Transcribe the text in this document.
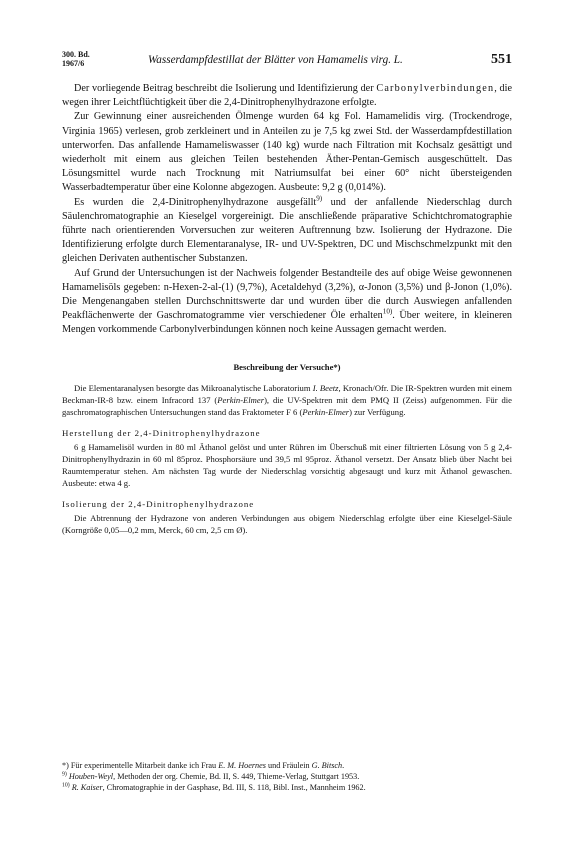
300. Bd.
1967/6	Wasserdampfdestillat der Blätter von Hamamelis virg. L.	551

Der vorliegende Beitrag beschreibt die Isolierung und Identifizierung der Carbonylverbindungen, die wegen ihrer Leichtflüchtigkeit über die 2,4-Dinitrophenylhydrazone erfolgte.

Zur Gewinnung einer ausreichenden Ölmenge wurden 64 kg Fol. Hamamelidis virg. (Trockendroge, Virginia 1965) verlesen, grob zerkleinert und in Anteilen zu je 7,5 kg zwei Std. der Wasserdampfdestillation unterworfen. Das anfallende Hamameliswasser (140 kg) wurde nach Filtration mit Kochsalz gesättigt und wiederholt mit einem aus gleichen Teilen bestehenden Äther-Pentan-Gemisch ausgeschüttelt. Das Lösungsmittel wurde nach Trocknung mit Natriumsulfat bei einer 60° nicht übersteigenden Wasserbadtemperatur über eine Kolonne abgezogen. Ausbeute: 9,2 g (0,014%).

Es wurden die 2,4-Dinitrophenylhydrazone ausgefällt$^{9)}$ und der anfallende Niederschlag durch Säulenchromatographie an Kieselgel vorgereinigt. Die anschließende präparative Schichtchromatographie führte nach orientierenden Vorversuchen zur weiteren Auftrennung bzw. Isolierung der Hydrazone. Die Identifizierung erfolgte durch Elementaranalyse, IR- und UV-Spektren, DC und Mischschmelzpunkt mit den gleichen Derivaten authentischer Substanzen.

Auf Grund der Untersuchungen ist der Nachweis folgender Bestandteile des auf obige Weise gewonnenen Hamamelisöls gegeben: n-Hexen-2-al-(1) (9,7%), Acetaldehyd (3,2%), α-Jonon (3,5%) und β-Jonon (1,0%). Die Mengenangaben stellen Durchschnittswerte dar und wurden über die durch Auswiegen anfallenden Peakflächenwerte der Gaschromatogramme vier verschiedener Öle erhalten$^{10)}$. Über weitere, in kleineren Mengen vorkommende Carbonylverbindungen können noch keine Aussagen gemacht werden.

Beschreibung der Versuche*)

Die Elementaranalysen besorgte das Mikroanalytische Laboratorium I. Beetz, Kronach/Ofr. Die IR-Spektren wurden mit einem Beckman-IR-8 bzw. einem Infracord 137 (Perkin-Elmer), die UV-Spektren mit dem PMQ II (Zeiss) aufgenommen. Für die gaschromatographischen Untersuchungen stand das Fraktometer F 6 (Perkin-Elmer) zur Verfügung.

Herstellung der 2,4-Dinitrophenylhydrazone

6 g Hamamelisöl wurden in 80 ml Äthanol gelöst und unter Rühren im Überschuß mit einer filtrierten Lösung von 5 g 2,4-Dinitrophenylhydrazin in 60 ml 85proz. Phosphorsäure und 39,5 ml 95proz. Äthanol versetzt. Der Ansatz blieb über Nacht bei Raumtemperatur stehen. Am nächsten Tag wurde der Niederschlag vorsichtig abgesaugt und kurz mit Äthanol gewaschen. Ausbeute: etwa 4 g.

Isolierung der 2,4-Dinitrophenylhydrazone

Die Abtrennung der Hydrazone von anderen Verbindungen aus obigem Niederschlag erfolgte über eine Kieselgel-Säule (Korngröße 0,05—0,2 mm, Merck, 60 cm, 2,5 cm Ø).

*) Für experimentelle Mitarbeit danke ich Frau E. M. Hoernes und Fräulein G. Bitsch.
$^{9)}$ Houben-Weyl, Methoden der org. Chemie, Bd. II, S. 449, Thieme-Verlag, Stuttgart 1953.
$^{10)}$ R. Kaiser, Chromatographie in der Gasphase, Bd. III, S. 118, Bibl. Inst., Mannheim 1962.
